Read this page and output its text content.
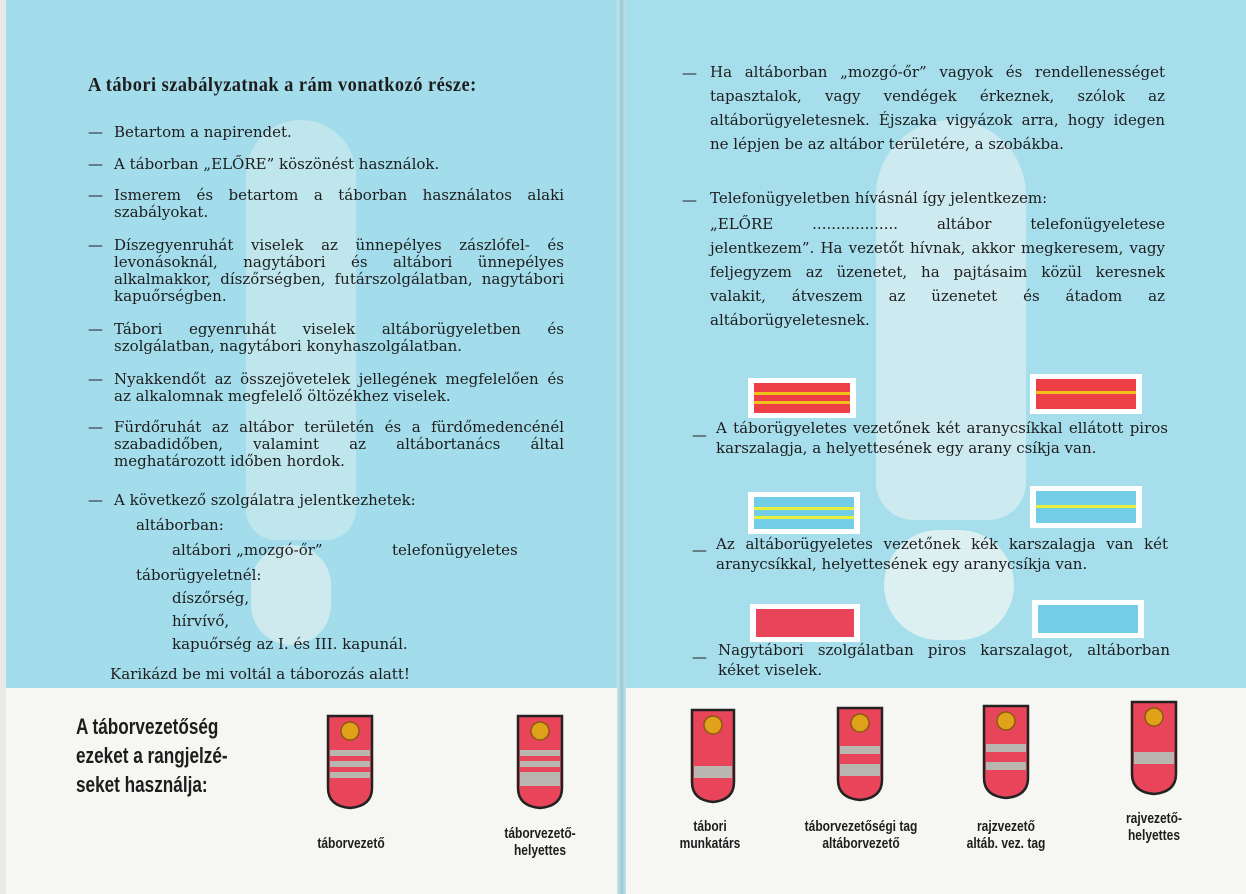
A tábori szabályzatnak a rám vonatkozó része:
— Betartom a napirendet.
— A táborban „ELŐRE” köszönést használok.
— Ismerem és betartom a táborban használatos alaki szabályokat.
— Díszegyenruhát viselek az ünnepélyes zászlófel- és levonásoknál, nagytábori és altábori ünnepélyes alkalmakkor, díszőrségben, futárszolgálatban, nagytábori kapuőrségben.
— Tábori egyenruhát viselek altáborügyeletben és szolgálatban, nagytábori konyhaszolgálatban.
— Nyakkendőt az összejövetelek jellegének megfelelően és az alkalomnak megfelelő öltözékhez viselek.
— Fürdőruhát az altábor területén és a fürdőmedencénél szabadidőben, valamint az altábortanács által meghatározott időben hordok.
— A következő szolgálatra jelentkezhetek:
altáborban:
altábori „mozgó-őr”	telefonügyeletes
táborügyeletnél:
díszőrség,
hírvívő,
kapuőrség az I. és III. kapunál.
Karikázd be mi voltál a táborozás alatt!
A táborvezetőség
ezeket a rangjelzé-
seket használja:
táborvezető
táborvezető-
helyettes
— Ha altáborban „mozgó-őr” vagyok és rendellenességet tapasztalok, vagy vendégek érkeznek, szólok az altáborügyeletesnek. Éjszaka vigyázok arra, hogy idegen ne lépjen be az altábor területére, a szobákba.
— Telefonügyeletben hívásnál így jelentkezem:
„ELŐRE .................. altábor telefonügyeletese jelentkezem”. Ha vezetőt hívnak, akkor megkeresem, vagy feljegyzem az üzenetet, ha pajtásaim közül keresnek valakit, átveszem az üzenetet és átadom az altáborügyeletesnek.
— A táborügyeletes vezetőnek két aranycsíkkal ellátott piros karszalagja, a helyettesének egy arany csíkja van.
— Az altáborügyeletes vezetőnek kék karszalagja van két aranycsíkkal, helyettesének egy aranycsíkja van.
— Nagytábori szolgálatban piros karszalagot, altáborban kéket viselek.
tábori
munkatárs
táborvezetőségi tag
altáborvezető
rajzvezető
altáb. vez. tag
rajvezető-
helyettes
